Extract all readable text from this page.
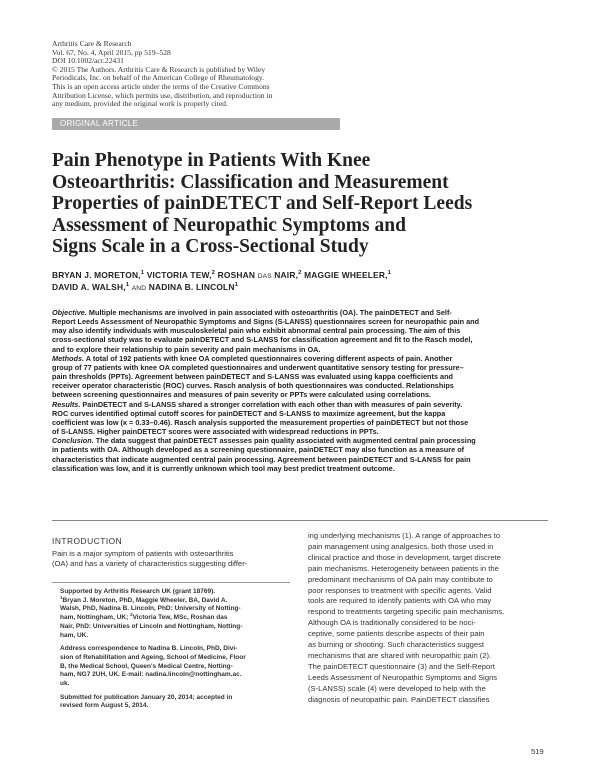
Arthritis Care & Research
Vol. 67, No. 4, April 2015, pp 519–528
DOI 10.1002/acr.22431
© 2015 The Authors. Arthritis Care & Research is published by Wiley
Periodicals, Inc. on behalf of the American College of Rheumatology.
This is an open access article under the terms of the Creative Commons
Attribution License, which permits use, distribution, and reproduction in
any medium, provided the original work is properly cited.
ORIGINAL ARTICLE
Pain Phenotype in Patients With Knee
Osteoarthritis: Classification and Measurement
Properties of painDETECT and Self-Report Leeds
Assessment of Neuropathic Symptoms and
Signs Scale in a Cross-Sectional Study
BRYAN J. MORETON,$^1$ VICTORIA TEW,$^2$ ROSHAN DAS NAIR,$^2$ MAGGIE WHEELER,$^1$
DAVID A. WALSH,$^1$ AND NADINA B. LINCOLN$^1$
Objective. Multiple mechanisms are involved in pain associated with osteoarthritis (OA). The painDETECT and Self-
Report Leeds Assessment of Neuropathic Symptoms and Signs (S-LANSS) questionnaires screen for neuropathic pain and
may also identify individuals with musculoskeletal pain who exhibit abnormal central pain processing. The aim of this
cross-sectional study was to evaluate painDETECT and S-LANSS for classification agreement and fit to the Rasch model,
and to explore their relationship to pain severity and pain mechanisms in OA.
Methods. A total of 192 patients with knee OA completed questionnaires covering different aspects of pain. Another
group of 77 patients with knee OA completed questionnaires and underwent quantitative sensory testing for pressure–
pain thresholds (PPTs). Agreement between painDETECT and S-LANSS was evaluated using kappa coefficients and
receiver operator characteristic (ROC) curves. Rasch analysis of both questionnaires was conducted. Relationships
between screening questionnaires and measures of pain severity or PPTs were calculated using correlations.
Results. PainDETECT and S-LANSS shared a stronger correlation with each other than with measures of pain severity.
ROC curves identified optimal cutoff scores for painDETECT and S-LANSS to maximize agreement, but the kappa
coefficient was low (κ = 0.33–0.46). Rasch analysis supported the measurement properties of painDETECT but not those
of S-LANSS. Higher painDETECT scores were associated with widespread reductions in PPTs.
Conclusion. The data suggest that painDETECT assesses pain quality associated with augmented central pain processing
in patients with OA. Although developed as a screening questionnaire, painDETECT may also function as a measure of
characteristics that indicate augmented central pain processing. Agreement between painDETECT and S-LANSS for pain
classification was low, and it is currently unknown which tool may best predict treatment outcome.
INTRODUCTION
Pain is a major symptom of patients with osteoarthritis
(OA) and has a variety of characteristics suggesting differ-
Supported by Arthritis Research UK (grant 18769).
$^1$Bryan J. Moreton, PhD, Maggie Wheeler, BA, David A.
Walsh, PhD, Nadina B. Lincoln, PhD: University of Notting-
ham, Nottingham, UK; $^2$Victoria Tew, MSc, Roshan das
Nair, PhD: Universities of Lincoln and Nottingham, Notting-
ham, UK.
Address correspondence to Nadina B. Lincoln, PhD, Divi-
sion of Rehabilitation and Ageing, School of Medicine, Floor
B, the Medical School, Queen's Medical Centre, Notting-
ham, NG7 2UH, UK. E-mail: nadina.lincoln@nottingham.ac.
uk.
Submitted for publication January 20, 2014; accepted in
revised form August 5, 2014.
ing underlying mechanisms (1). A range of approaches to
pain management using analgesics, both those used in
clinical practice and those in development, target discrete
pain mechanisms. Heterogeneity between patients in the
predominant mechanisms of OA pain may contribute to
poor responses to treatment with specific agents. Valid
tools are required to identify patients with OA who may
respond to treatments targeting specific pain mechanisms.
Although OA is traditionally considered to be noci-
ceptive, some patients describe aspects of their pain
as burning or shooting. Such characteristics suggest
mechanisms that are shared with neuropathic pain (2).
The painDETECT questionnaire (3) and the Self-Report
Leeds Assessment of Neuropathic Symptoms and Signs
(S-LANSS) scale (4) were developed to help with the
diagnosis of neuropathic pain. PainDETECT classifies
519
